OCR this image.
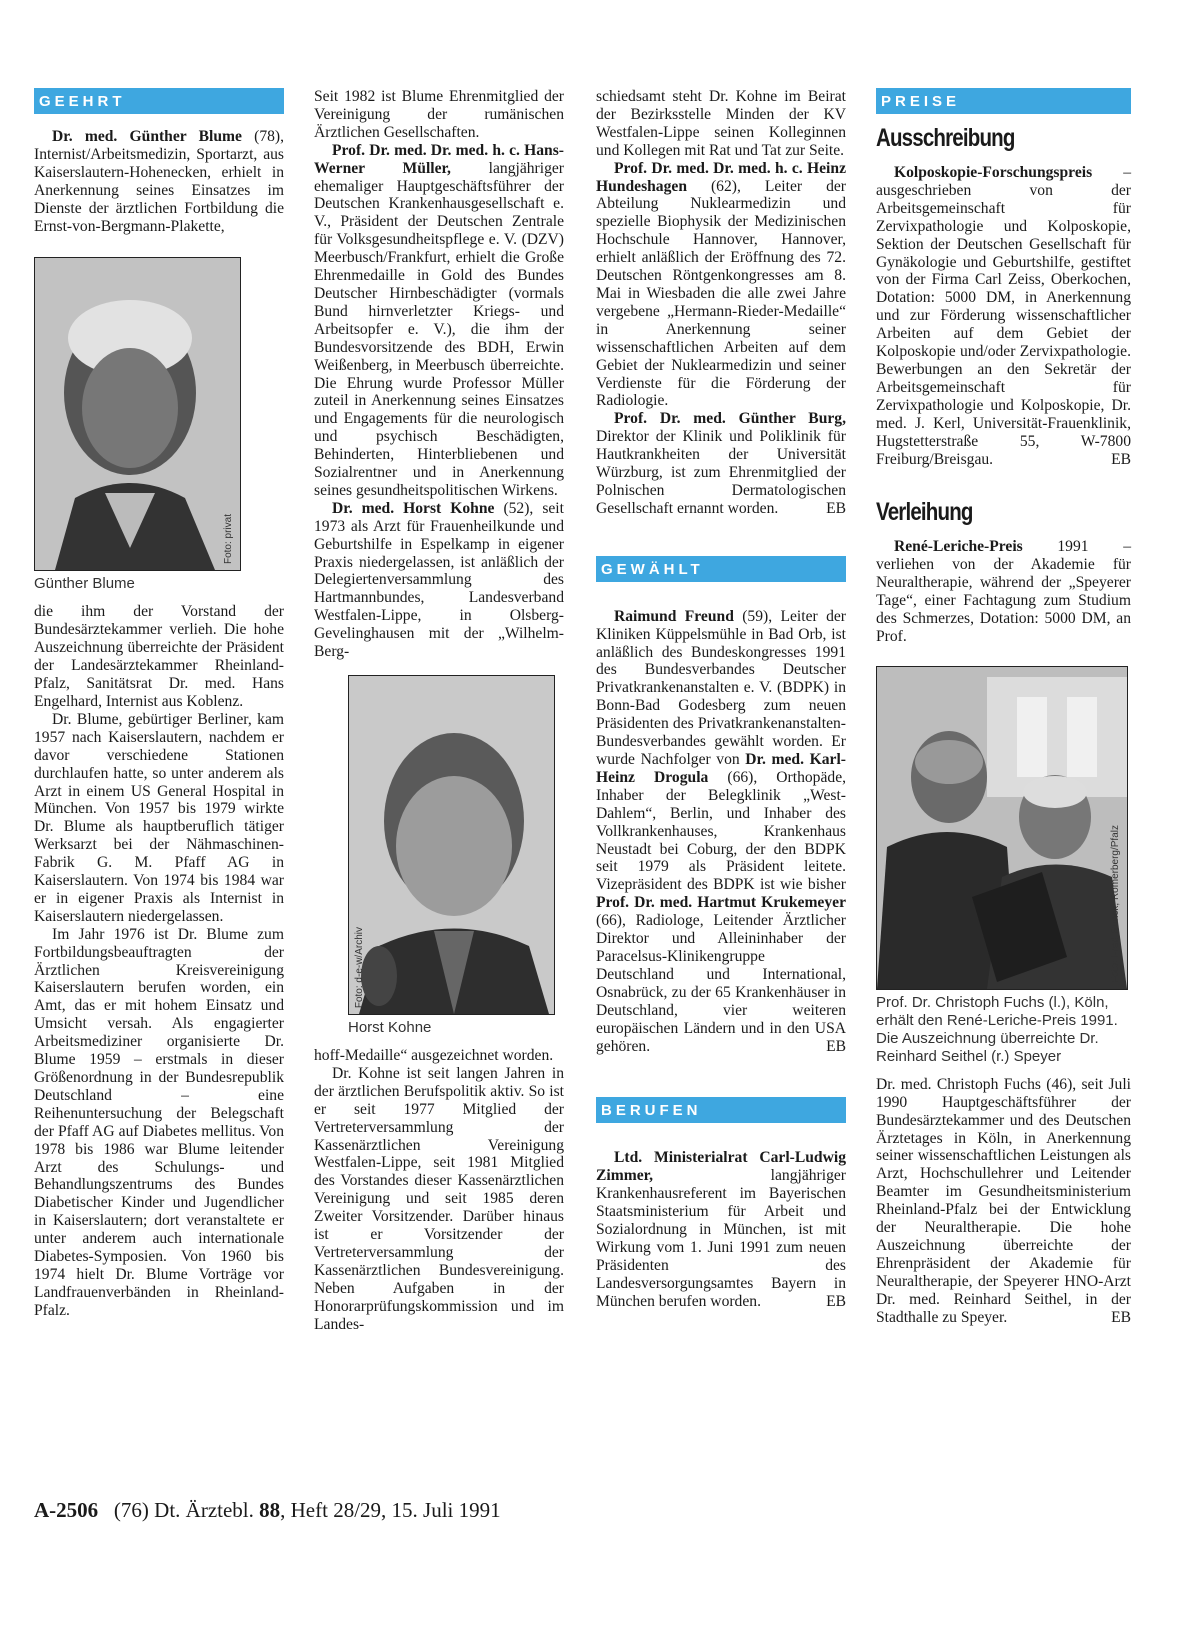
GEEHRT

Dr. med. Günther Blume (78), Internist/Arbeitsmedizin, Sportarzt, aus Kaiserslautern-Hohenecken, erhielt in Anerkennung seines Einsatzes im Dienste der ärztlichen Fortbildung die Ernst-von-Bergmann-Plakette,

Foto: privat
Günther Blume

die ihm der Vorstand der Bundesärztekammer verlieh. Die hohe Auszeichnung überreichte der Präsident der Landesärztekammer Rheinland-Pfalz, Sanitätsrat Dr. med. Hans Engelhard, Internist aus Koblenz.

Dr. Blume, gebürtiger Berliner, kam 1957 nach Kaiserslautern, nachdem er davor verschiedene Stationen durchlaufen hatte, so unter anderem als Arzt in einem US General Hospital in München. Von 1957 bis 1979 wirkte Dr. Blume als hauptberuflich tätiger Werksarzt bei der Nähmaschinen-Fabrik G. M. Pfaff AG in Kaiserslautern. Von 1974 bis 1984 war er in eigener Praxis als Internist in Kaiserslautern niedergelassen.

Im Jahr 1976 ist Dr. Blume zum Fortbildungsbeauftragten der Ärztlichen Kreisvereinigung Kaiserslautern berufen worden, ein Amt, das er mit hohem Einsatz und Umsicht versah. Als engagierter Arbeitsmediziner organisierte Dr. Blume 1959 – erstmals in dieser Größenordnung in der Bundesrepublik Deutschland – eine Reihenuntersuchung der Belegschaft der Pfaff AG auf Diabetes mellitus. Von 1978 bis 1986 war Blume leitender Arzt des Schulungs- und Behandlungszentrums des Bundes Diabetischer Kinder und Jugendlicher in Kaiserslautern; dort veranstaltete er unter anderem auch internationale Diabetes-Symposien. Von 1960 bis 1974 hielt Dr. Blume Vorträge vor Landfrauenverbänden in Rheinland-Pfalz.

Seit 1982 ist Blume Ehrenmitglied der Vereinigung der rumänischen Ärztlichen Gesellschaften.

Prof. Dr. med. Dr. med. h. c. Hans-Werner Müller, langjähriger ehemaliger Hauptgeschäftsführer der Deutschen Krankenhausgesellschaft e. V., Präsident der Deutschen Zentrale für Volksgesundheitspflege e. V. (DZV) Meerbusch/Frankfurt, erhielt die Große Ehrenmedaille in Gold des Bundes Deutscher Hirnbeschädigter (vormals Bund hirnverletzter Kriegs- und Arbeitsopfer e. V.), die ihm der Bundesvorsitzende des BDH, Erwin Weißenberg, in Meerbusch überreichte. Die Ehrung wurde Professor Müller zuteil in Anerkennung seines Einsatzes und Engagements für die neurologisch und psychisch Beschädigten, Behinderten, Hinterbliebenen und Sozialrentner und in Anerkennung seines gesundheitspolitischen Wirkens.

Dr. med. Horst Kohne (52), seit 1973 als Arzt für Frauenheilkunde und Geburtshilfe in Espelkamp in eigener Praxis niedergelassen, ist anläßlich der Delegiertenversammlung des Hartmannbundes, Landesverband Westfalen-Lippe, in Olsberg-Gevelinghausen mit der „Wilhelm-Berg-

Foto: d-e-w/Archiv
Horst Kohne

hoff-Medaille“ ausgezeichnet worden.

Dr. Kohne ist seit langen Jahren in der ärztlichen Berufspolitik aktiv. So ist er seit 1977 Mitglied der Vertreterversammlung der Kassenärztlichen Vereinigung Westfalen-Lippe, seit 1981 Mitglied des Vorstandes dieser Kassenärztlichen Vereinigung und seit 1985 deren Zweiter Vorsitzender. Darüber hinaus ist er Vorsitzender der Vertreterversammlung der Kassenärztlichen Bundesvereinigung. Neben Aufgaben in der Honorarprüfungskommission und im Landes-

schiedsamt steht Dr. Kohne im Beirat der Bezirksstelle Minden der KV Westfalen-Lippe seinen Kolleginnen und Kollegen mit Rat und Tat zur Seite.

Prof. Dr. med. Dr. med. h. c. Heinz Hundeshagen (62), Leiter der Abteilung Nuklearmedizin und spezielle Biophysik der Medizinischen Hochschule Hannover, Hannover, erhielt anläßlich der Eröffnung des 72. Deutschen Röntgenkongresses am 8. Mai in Wiesbaden die alle zwei Jahre vergebene „Hermann-Rieder-Medaille“ in Anerkennung seiner wissenschaftlichen Arbeiten auf dem Gebiet der Nuklearmedizin und seiner Verdienste für die Förderung der Radiologie.

Prof. Dr. med. Günther Burg, Direktor der Klinik und Poliklinik für Hautkrankheiten der Universität Würzburg, ist zum Ehrenmitglied der Polnischen Dermatologischen Gesellschaft ernannt worden.	EB

GEWÄHLT

Raimund Freund (59), Leiter der Kliniken Küppelsmühle in Bad Orb, ist anläßlich des Bundeskongresses 1991 des Bundesverbandes Deutscher Privatkrankenanstalten e. V. (BDPK) in Bonn-Bad Godesberg zum neuen Präsidenten des Privatkrankenanstalten-Bundesverbandes gewählt worden. Er wurde Nachfolger von Dr. med. Karl-Heinz Drogula (66), Orthopäde, Inhaber der Belegklinik „West-Dahlem“, Berlin, und Inhaber des Vollkrankenhauses, Krankenhaus Neustadt bei Coburg, der den BDPK seit 1979 als Präsident leitete. Vizepräsident des BDPK ist wie bisher Prof. Dr. med. Hartmut Krukemeyer (66), Radiologe, Leitender Ärztlicher Direktor und Alleininhaber der Paracelsus-Klinikengruppe Deutschland und International, Osnabrück, zu der 65 Krankenhäuser in Deutschland, vier weiteren europäischen Ländern und in den USA gehören.	EB

BERUFEN

Ltd. Ministerialrat Carl-Ludwig Zimmer, langjähriger Krankenhausreferent im Bayerischen Staatsministerium für Arbeit und Sozialordnung in München, ist mit Wirkung vom 1. Juni 1991 zum neuen Präsidenten des Landesversorgungsamtes Bayern in München berufen worden.	EB

PREISE
Ausschreibung

Kolposkopie-Forschungspreis – ausgeschrieben von der Arbeitsgemeinschaft für Zervixpathologie und Kolposkopie, Sektion der Deutschen Gesellschaft für Gynäkologie und Geburtshilfe, gestiftet von der Firma Carl Zeiss, Oberkochen, Dotation: 5000 DM, in Anerkennung und zur Förderung wissenschaftlicher Arbeiten auf dem Gebiet der Kolposkopie und/oder Zervixpathologie. Bewerbungen an den Sekretär der Arbeitsgemeinschaft für Zervixpathologie und Kolposkopie, Dr. med. J. Kerl, Universität-Frauenklinik, Hugstetterstraße 55, W-7800 Freiburg/Breisgau.	EB

Verleihung

René-Leriche-Preis 1991 – verliehen von der Akademie für Neuraltherapie, während der „Speyerer Tage“, einer Fachtagung zum Studium des Schmerzes, Dotation: 5000 DM, an Prof.

Foto: Fred Runck, Römerberg/Pfalz
Prof. Dr. Christoph Fuchs (l.), Köln, erhält den René-Leriche-Preis 1991. Die Auszeichnung überreichte Dr. Reinhard Seithel (r.) Speyer

Dr. med. Christoph Fuchs (46), seit Juli 1990 Hauptgeschäftsführer der Bundesärztekammer und des Deutschen Ärztetages in Köln, in Anerkennung seiner wissenschaftlichen Leistungen als Arzt, Hochschullehrer und Leitender Beamter im Gesundheitsministerium Rheinland-Pfalz bei der Entwicklung der Neuraltherapie. Die hohe Auszeichnung überreichte der Ehrenpräsident der Akademie für Neuraltherapie, der Speyerer HNO-Arzt Dr. med. Reinhard Seithel, in der Stadthalle zu Speyer.	EB

A-2506 (76) Dt. Ärztebl. 88, Heft 28/29, 15. Juli 1991
